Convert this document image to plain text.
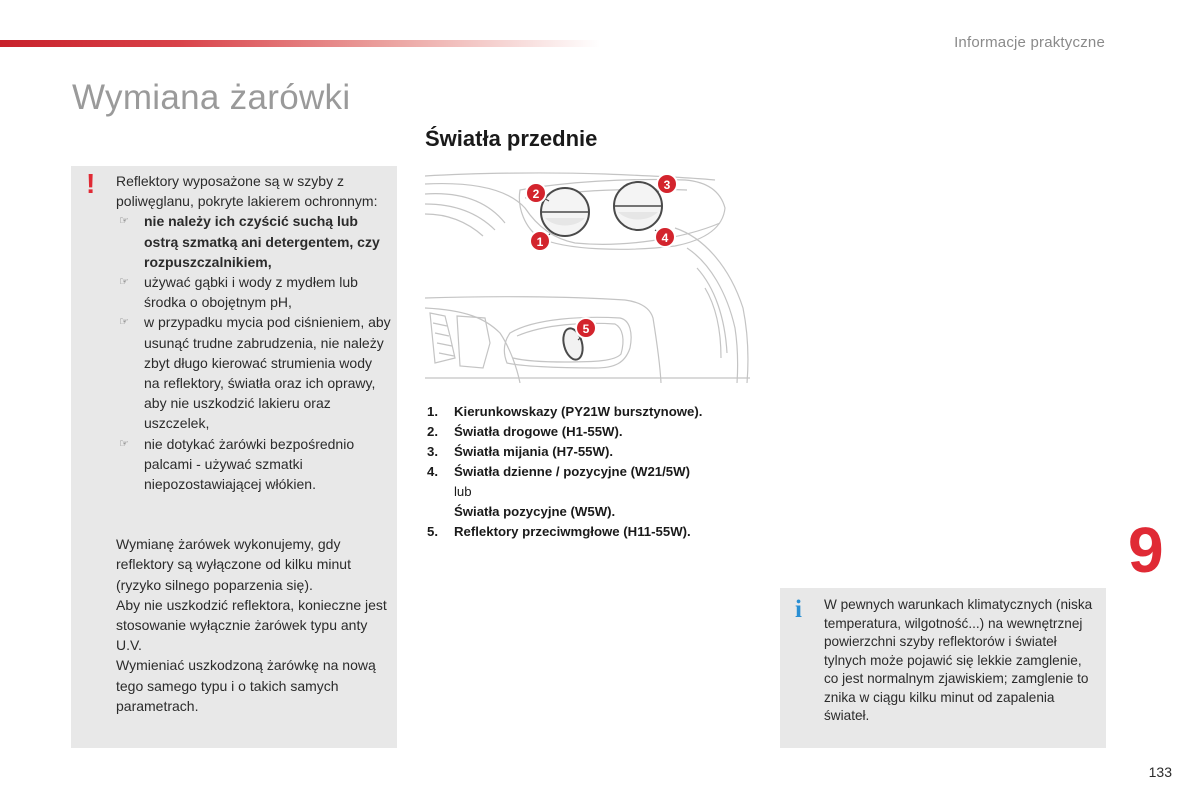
Informacje praktyczne
Wymiana żarówki
! Reflektory wyposażone są w szyby z poliwęglanu, pokryte lakierem ochronnym:

☞ nie należy ich czyścić suchą lub ostrą szmatką ani detergentem, czy rozpuszczalnikiem,
☞ używać gąbki i wody z mydłem lub środka o obojętnym pH,
☞ w przypadku mycia pod ciśnieniem, aby usunąć trudne zabrudzenia, nie należy zbyt długo kierować strumienia wody na reflektory, światła oraz ich oprawy, aby nie uszkodzić lakieru oraz uszczelek,
☞ nie dotykać żarówki bezpośrednio palcami - używać szmatki niepozostawiającej włókien.

Wymianę żarówek wykonujemy, gdy reflektory są wyłączone od kilku minut (ryzyko silnego poparzenia się).

Aby nie uszkodzić reflektora, konieczne jest stosowanie wyłącznie żarówek typu anty U.V.

Wymieniać uszkodzoną żarówkę na nową tego samego typu i o takich samych parametrach.

Światła przednie
1
2
3
4
5
1.	Kierunkowskazy (PY21W bursztynowe).
2.	Światła drogowe (H1-55W).
3.	Światła mijania (H7-55W).
4.	Światła dzienne / pozycyjne (W21/5W)
lub
Światła pozycyjne (W5W).
5.	Reflektory przeciwmgłowe (H11-55W).	9
i W pewnych warunkach klimatycznych (niska temperatura, wilgotność...) na wewnętrznej powierzchni szyby reflektorów i świateł tylnych może pojawić się lekkie zamglenie, co jest normalnym zjawiskiem; zamglenie to znika w ciągu kilku minut od zapalenia świateł.
133
